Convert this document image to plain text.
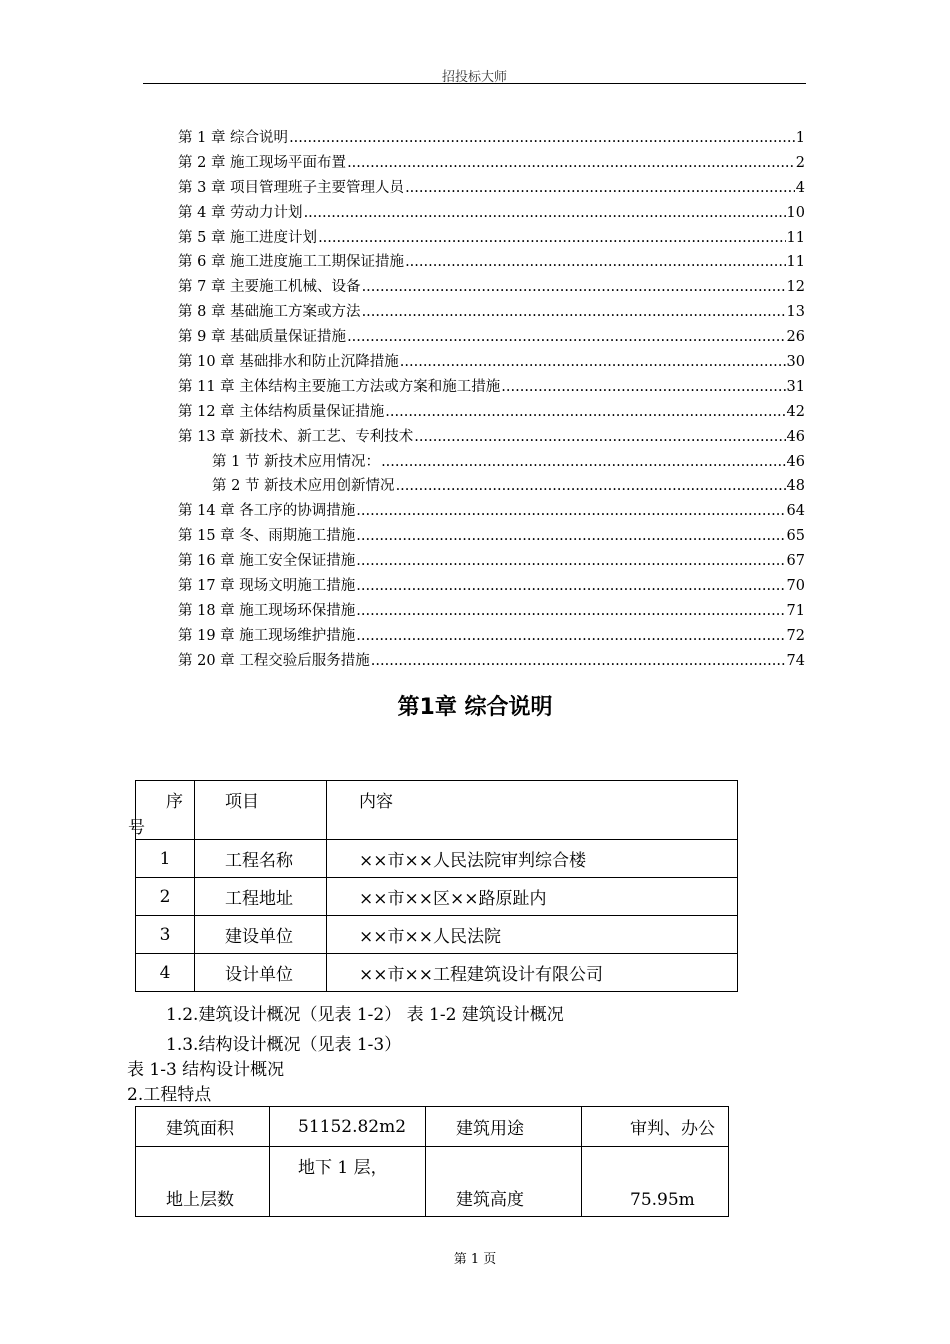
招投标大师
第 1 章 综合说明 .....	1
第 2 章 施工现场平面布置 .....	2
第 3 章 项目管理班子主要管理人员 .....	4
第 4 章 劳动力计划 .....	10
第 5 章 施工进度计划 .....	11
第 6 章 施工进度施工工期保证措施 .....	11
第 7 章 主要施工机械、设备 .....	12
第 8 章 基础施工方案或方法 .....	13
第 9 章 基础质量保证措施 .....	26
第 10 章 基础排水和防止沉降措施 .....	30
第 11 章 主体结构主要施工方法或方案和施工措施 .....	31
第 12 章 主体结构质量保证措施 .....	42
第 13 章 新技术、新工艺、专利技术 .....	46
第 1 节 新技术应用情况： .....	46
第 2 节 新技术应用创新情况 .....	48
第 14 章 各工序的协调措施 .....	64
第 15 章 冬、雨期施工措施 .....	65
第 16 章 施工安全保证措施 .....	67
第 17 章 现场文明施工措施 .....	70
第 18 章 施工现场环保措施 .....	71
第 19 章 施工现场维护措施 .....	72
第 20 章 工程交验后服务措施 .....	74
第1章 综合说明
序
号	项目	内容
1	工程名称	××市××人民法院审判综合楼
2	工程地址	××市××区××路原趾内
3	建设单位	××市××人民法院
4	设计单位	××市××工程建筑设计有限公司
1.2.建筑设计概况（见表 1-2） 表 1-2 建筑设计概况
1.3.结构设计概况（见表 1-3）
表 1-3 结构设计概况
2.工程特点
建筑面积	51152.82m2	建筑用途	审判、办公
地上层数	地下 1 层，	建筑高度	75.95m
第 1 页
